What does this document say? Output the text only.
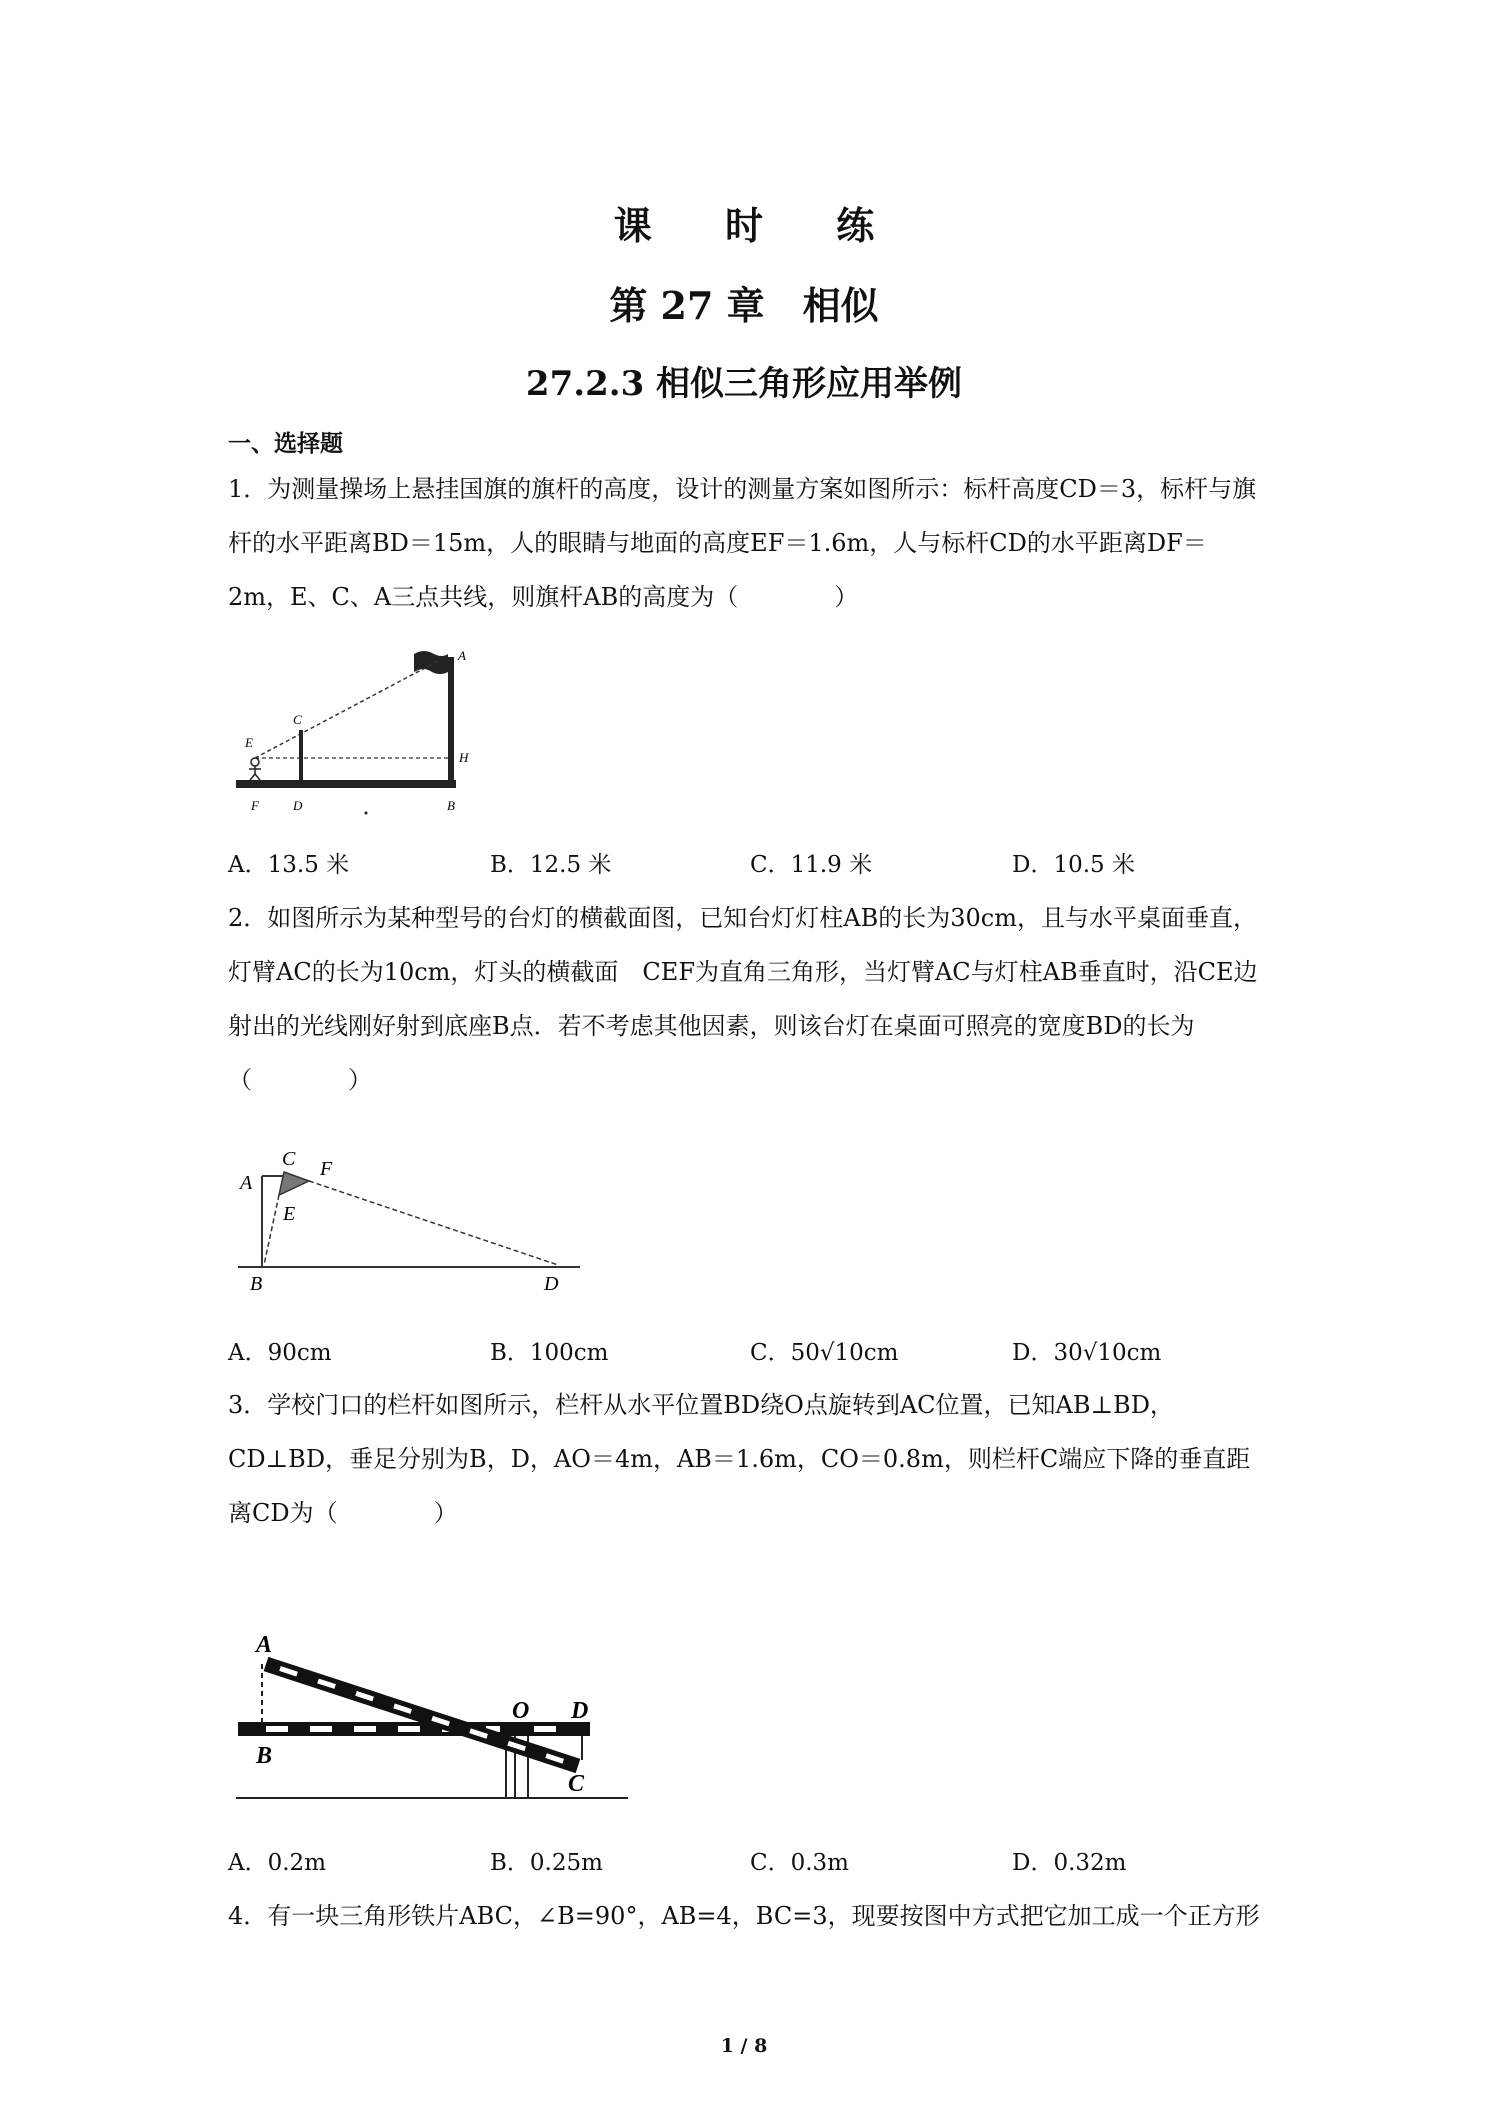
课 时 练
第 27 章　相似
27.2.3 相似三角形应用举例
一、选择题
1．为测量操场上悬挂国旗的旗杆的高度，设计的测量方案如图所示：标杆高度CD＝3，标杆与旗杆的水平距离BD＝15m，人的眼睛与地面的高度EF＝1.6m，人与标杆CD的水平距离DF＝2m，E、C、A三点共线，则旗杆AB的高度为（　　　　）
A
C
E
H
F	D	B
A．13.5 米	B．12.5 米	C．11.9 米	D．10.5 米
2．如图所示为某种型号的台灯的横截面图，已知台灯灯柱AB的长为30cm，且与水平桌面垂直，灯臂AC的长为10cm，灯头的横截面　CEF为直角三角形，当灯臂AC与灯柱AB垂直时，沿CE边射出的光线刚好射到底座B点．若不考虑其他因素，则该台灯在桌面可照亮的宽度BD的长为（　　　　）
C F
A
E
B	D
A．90cm	B．100cm	C．50√10cm	D．30√10cm
3．学校门口的栏杆如图所示，栏杆从水平位置BD绕O点旋转到AC位置，已知AB⊥BD，CD⊥BD，垂足分别为B，D，AO＝4m，AB＝1.6m，CO＝0.8m，则栏杆C端应下降的垂直距离CD为（　　　　）
A
O D
B
C
A．0.2m	B．0.25m	C．0.3m	D．0.32m
4．有一块三角形铁片ABC，∠B=90°，AB=4，BC=3，现要按图中方式把它加工成一个正方形
1 / 8
